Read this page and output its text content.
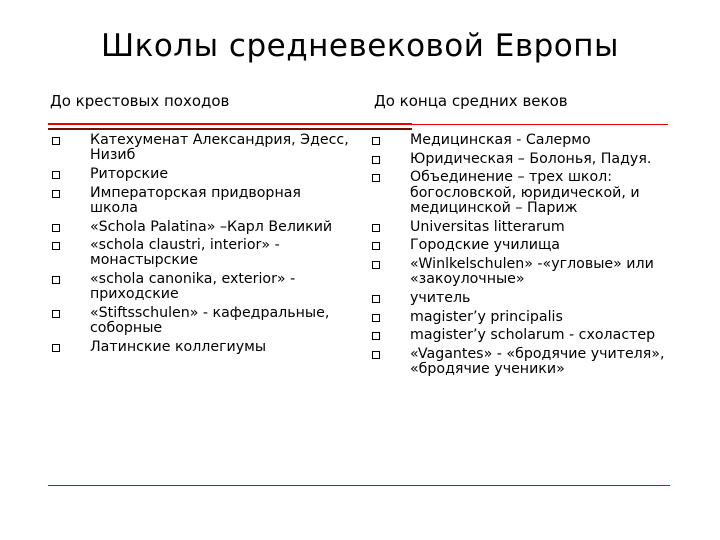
Школы средневековой Европы
До крестовых походов	До конца средних веков
Катехуменат Александрия, Эдесс, Низиб
Риторские
Императорская придворная школа
«Schola Palatina» –Карл Великий
«schola claustri, interior» - монастырские
«schola canonika, exterior» - приходские
«Stiftsschulen» - кафедральные, соборные
Латинские коллегиумы
Медицинская - Салермо
Юридическая – Болонья, Падуя.
Объединение – трех школ: богословской, юридической, и медицинской – Париж
Universitas litterarum
Городские училища
«Winlkelschulen» -«угловые» или «закоулочные»
учитель
magister’y principalis
magister’y scholarum - схоластер
«Vagantes» - «бродячие учителя», «бродячие ученики»
